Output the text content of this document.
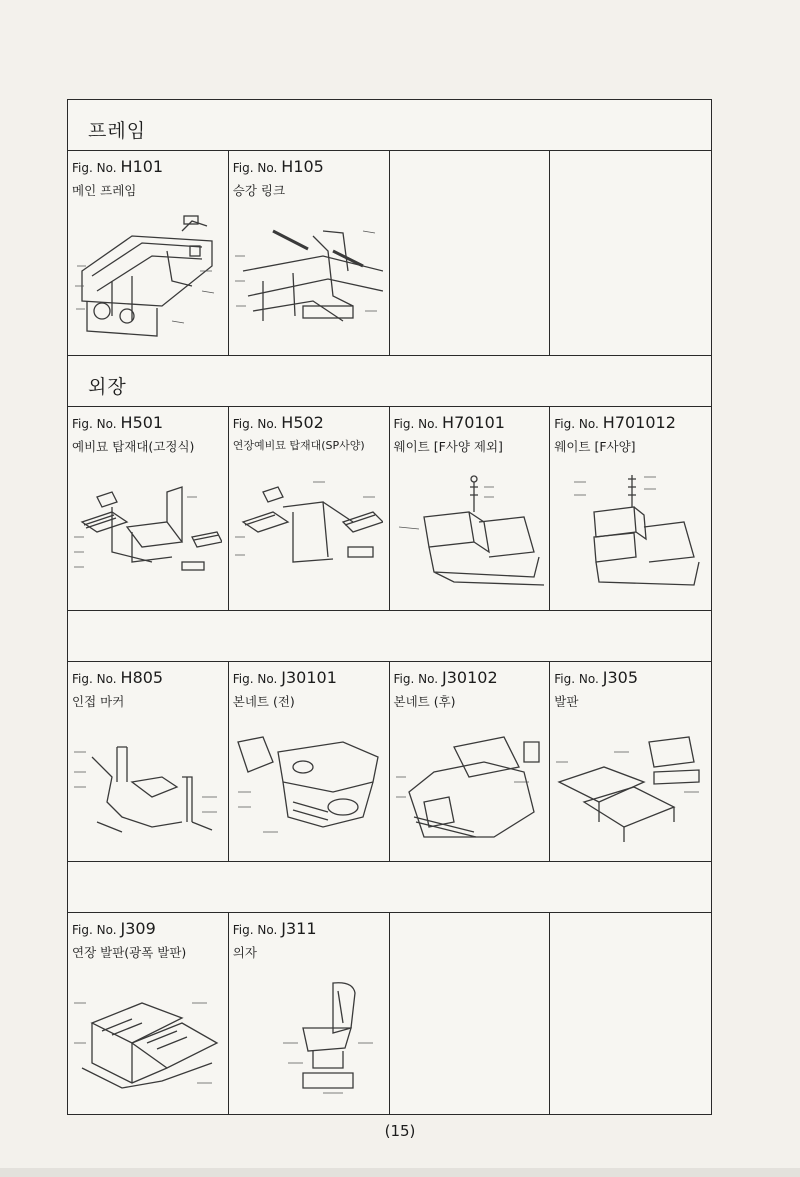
프레임
Fig. No. H101
메인 프레임
Fig. No. H105
승강 링크
외장
Fig. No. H501
예비묘 탑재대(고정식)
Fig. No. H502
연장예비묘 탑재대(SP사양)
Fig. No. H70101
웨이트 [F사양 제외]
Fig. No. H701012
웨이트 [F사양]
Fig. No. H805
인접 마커
Fig. No. J30101
본네트 (전)
Fig. No. J30102
본네트 (후)
Fig. No. J305
발판
Fig. No. J309
연장 발판(광폭 발판)
Fig. No. J311
의자
(15)
